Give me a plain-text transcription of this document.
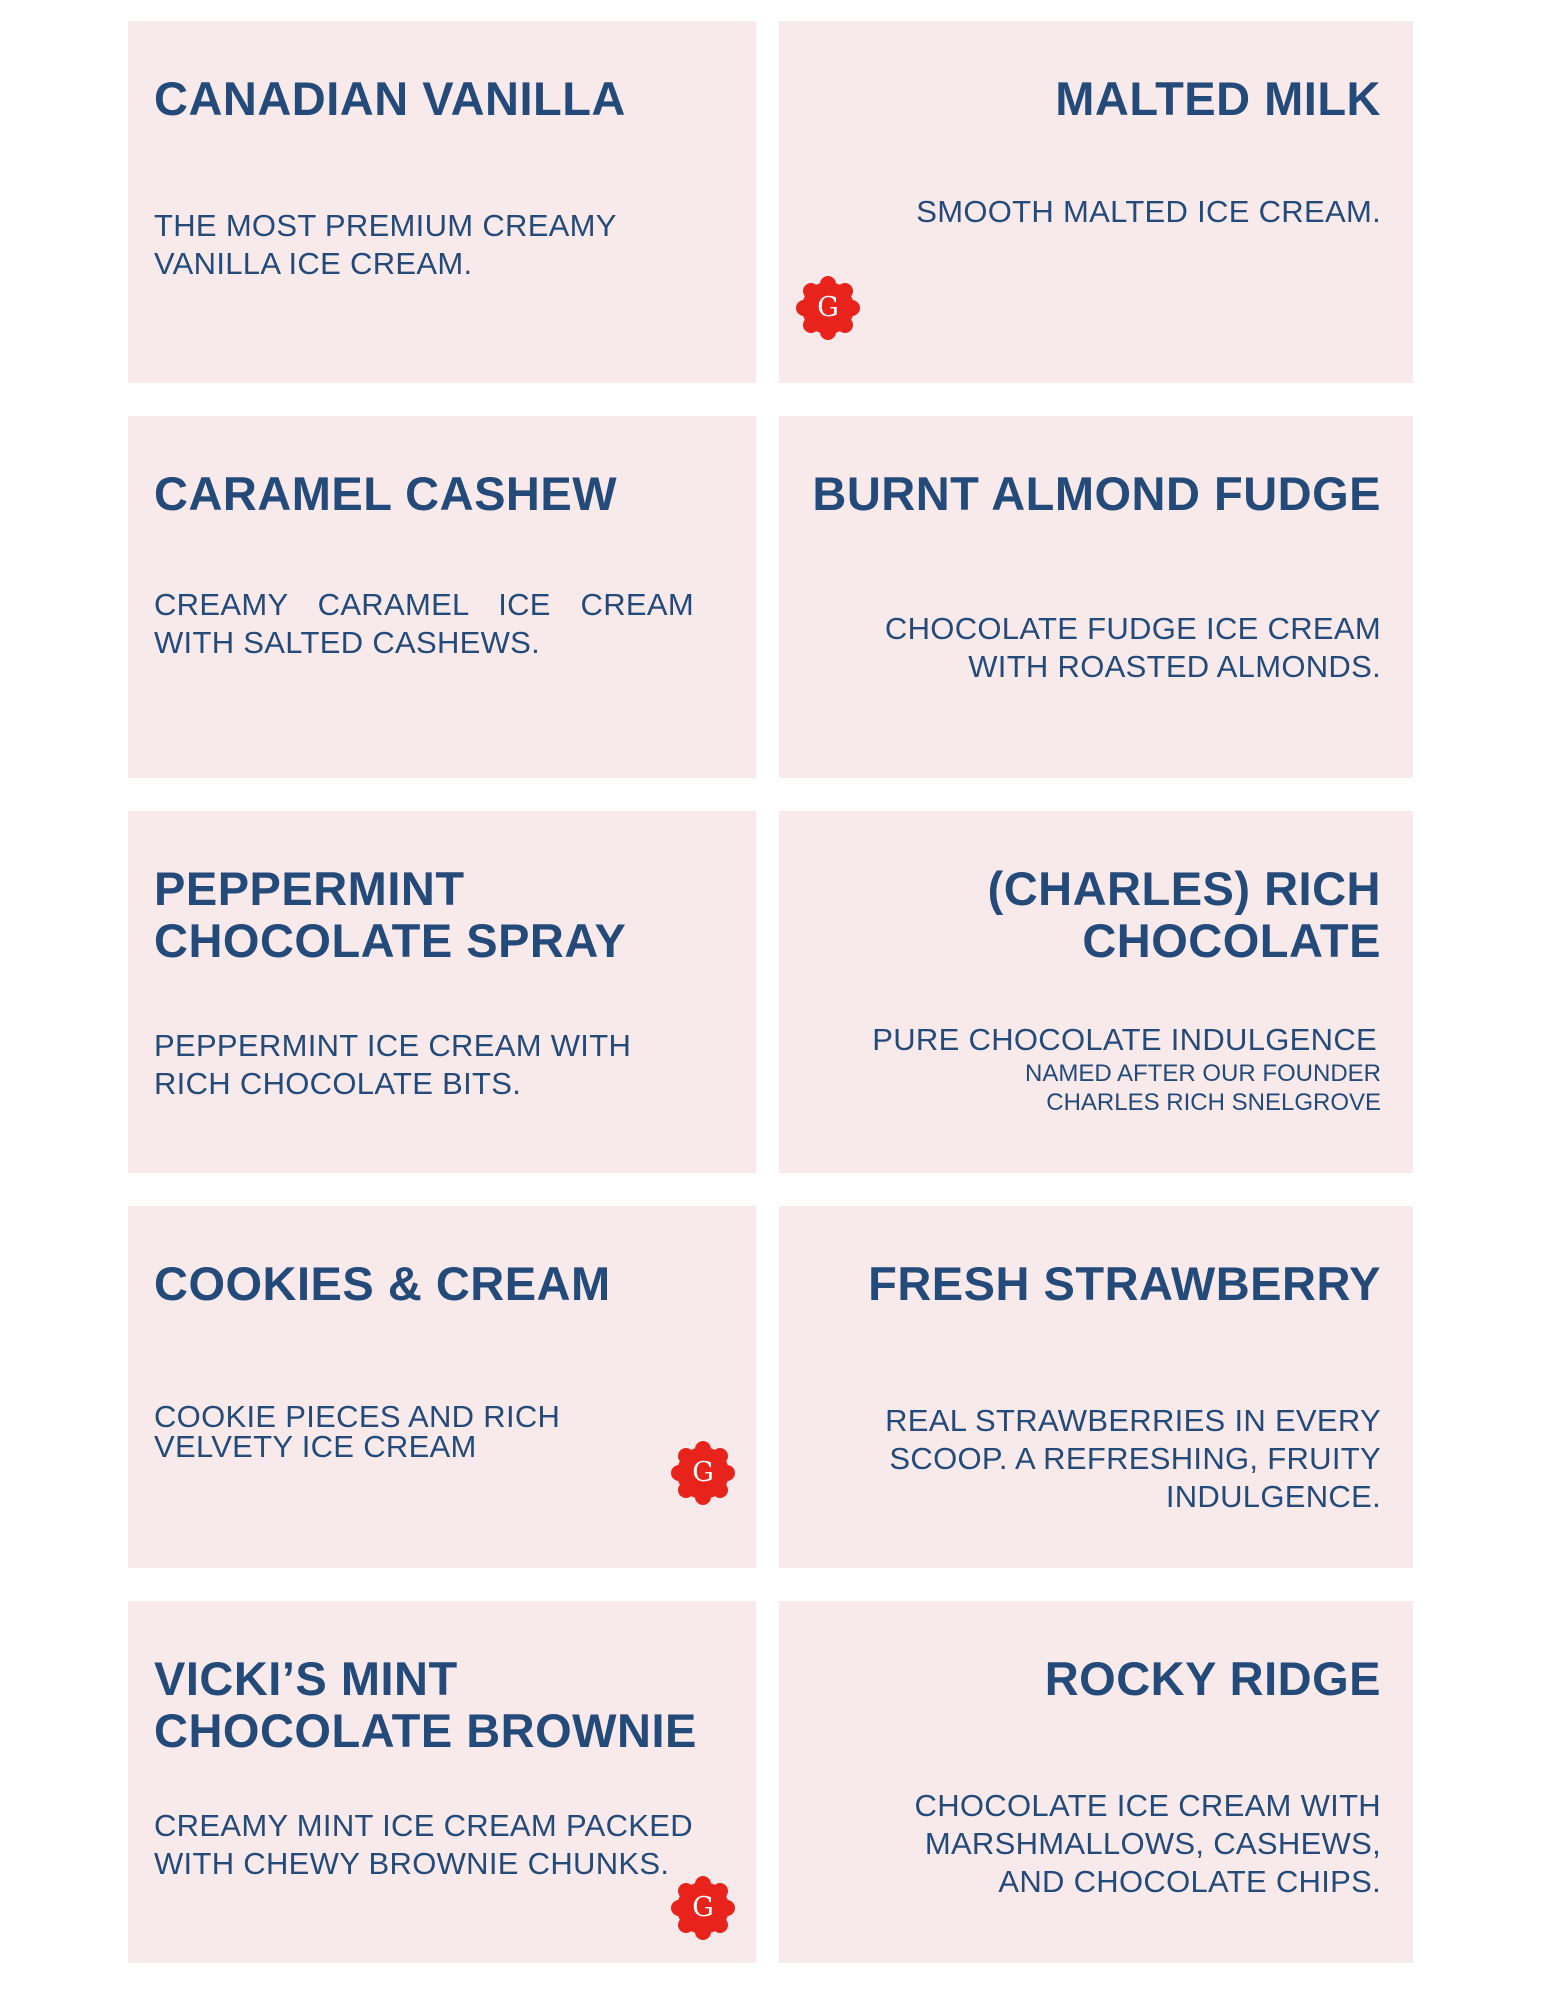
CANADIAN VANILLA

THE MOST PREMIUM CREAMY VANILLA ICE CREAM.

MALTED MILK

SMOOTH MALTED ICE CREAM.

G
CARAMEL CASHEW

CREAMY CARAMEL ICE CREAM WITH SALTED CASHEWS.

BURNT ALMOND FUDGE

CHOCOLATE FUDGE ICE CREAM WITH ROASTED ALMONDS.

PEPPERMINT
CHOCOLATE SPRAY

PEPPERMINT ICE CREAM WITH RICH CHOCOLATE BITS.

(CHARLES) RICH
CHOCOLATE

PURE CHOCOLATE INDULGENCE

NAMED AFTER OUR FOUNDER

CHARLES RICH SNELGROVE

COOKIES & CREAM

COOKIE PIECES AND RICH VELVETY ICE CREAM

G
FRESH STRAWBERRY

REAL STRAWBERRIES IN EVERY SCOOP. A REFRESHING, FRUITY INDULGENCE.

VICKI’S MINT
CHOCOLATE BROWNIE

CREAMY MINT ICE CREAM PACKED WITH CHEWY BROWNIE CHUNKS.

G
ROCKY RIDGE

CHOCOLATE ICE CREAM WITH MARSHMALLOWS, CASHEWS, AND CHOCOLATE CHIPS.
